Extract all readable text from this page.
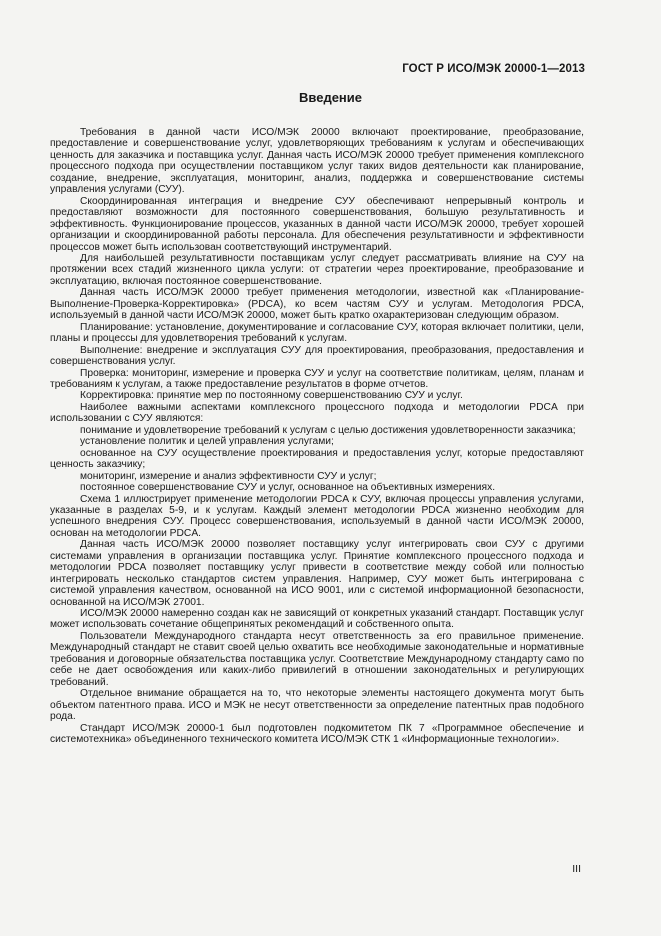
ГОСТ Р ИСО/МЭК 20000-1—2013
Введение

Требования в данной части ИСО/МЭК 20000 включают проектирование, преобразование, предоставление и совершенствование услуг, удовлетворяющих требованиям к услугам и обеспечивающих ценность для заказчика и поставщика услуг. Данная часть ИСО/МЭК 20000 требует применения комплексного процессного подхода при осуществлении поставщиком услуг таких видов деятельности как планирование, создание, внедрение, эксплуатация, мониторинг, анализ, поддержка и совершенствование системы управления услугами (СУУ).

Скоординированная интеграция и внедрение СУУ обеспечивают непрерывный контроль и предоставляют возможности для постоянного совершенствования, большую результативность и эффективность. Функционирование процессов, указанных в данной части ИСО/МЭК 20000, требует хорошей организации и скоординированной работы персонала. Для обеспечения результативности и эффективности процессов может быть использован соответствующий инструментарий.

Для наибольшей результативности поставщикам услуг следует рассматривать влияние на СУУ на протяжении всех стадий жизненного цикла услуги: от стратегии через проектирование, преобразование и эксплуатацию, включая постоянное совершенствование.

Данная часть ИСО/МЭК 20000 требует применения методологии, известной как «Планирование-Выполнение-Проверка-Корректировка» (PDCA), ко всем частям СУУ и услугам. Методология PDCA, используемый в данной части ИСО/МЭК 20000, может быть кратко охарактеризован следующим образом.

Планирование: установление, документирование и согласование СУУ, которая включает политики, цели, планы и процессы для удовлетворения требований к услугам.

Выполнение: внедрение и эксплуатация СУУ для проектирования, преобразования, предоставления и совершенствования услуг.

Проверка: мониторинг, измерение и проверка СУУ и услуг на соответствие политикам, целям, планам и требованиям к услугам, а также предоставление результатов в форме отчетов.

Корректировка: принятие мер по постоянному совершенствованию СУУ и услуг.

Наиболее важными аспектами комплексного процессного подхода и методологии PDCA при использовании с СУУ являются:

понимание и удовлетворение требований к услугам с целью достижения удовлетворенности заказчика;

установление политик и целей управления услугами;

основанное на СУУ осуществление проектирования и предоставления услуг, которые предоставляют ценность заказчику;

мониторинг, измерение и анализ эффективности СУУ и услуг;

постоянное совершенствование СУУ и услуг, основанное на объективных измерениях.

Схема 1 иллюстрирует применение методологии PDCA к СУУ, включая процессы управления услугами, указанные в разделах 5-9, и к услугам. Каждый элемент методологии PDCA жизненно необходим для успешного внедрения СУУ. Процесс совершенствования, используемый в данной части ИСО/МЭК 20000, основан на методологии PDCA.

Данная часть ИСО/МЭК 20000 позволяет поставщику услуг интегрировать свои СУУ с другими системами управления в организации поставщика услуг. Принятие комплексного процессного подхода и методологии PDCA позволяет поставщику услуг привести в соответствие между собой или полностью интегрировать несколько стандартов систем управления. Например, СУУ может быть интегрирована с системой управления качеством, основанной на ИСО 9001, или с системой информационной безопасности, основанной на ИСО/МЭК 27001.

ИСО/МЭК 20000 намеренно создан как не зависящий от конкретных указаний стандарт. Поставщик услуг может использовать сочетание общепринятых рекомендаций и собственного опыта.

Пользователи Международного стандарта несут ответственность за его правильное применение. Международный стандарт не ставит своей целью охватить все необходимые законодательные и нормативные требования и договорные обязательства поставщика услуг. Соответствие Международному стандарту само по себе не дает освобождения или каких-либо привилегий в отношении законодательных и регулирующих требований.

Отдельное внимание обращается на то, что некоторые элементы настоящего документа могут быть объектом патентного права. ИСО и МЭК не несут ответственности за определение патентных прав подобного рода.

Стандарт ИСО/МЭК 20000-1 был подготовлен подкомитетом ПК 7 «Программное обеспечение и системотехника» объединенного технического комитета ИСО/МЭК СТК 1 «Информационные технологии».

III
